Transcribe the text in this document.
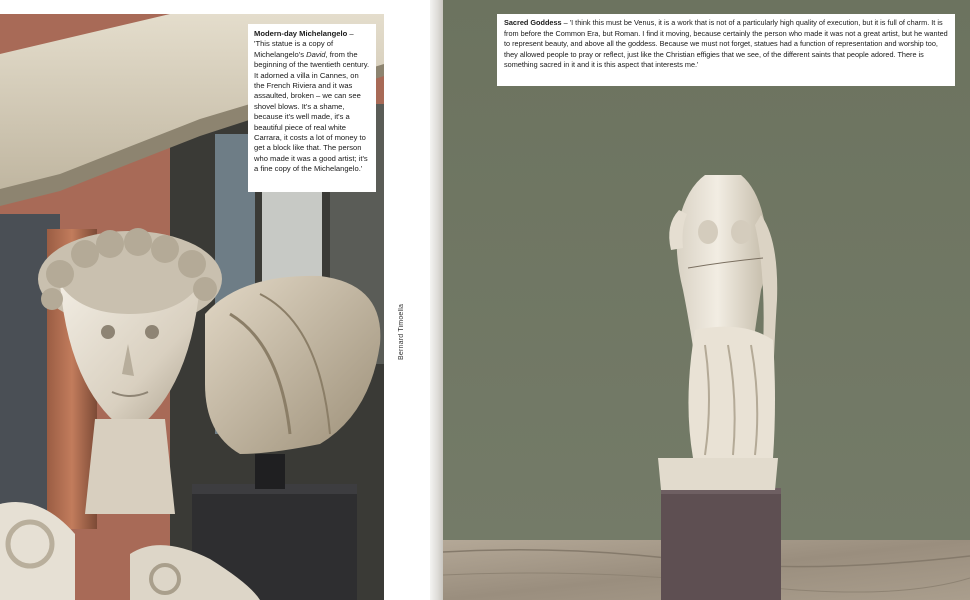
Modern-day Michelangelo – 'This statue is a copy of Michelangelo's David, from the beginning of the twentieth century. It adorned a villa in Cannes, on the French Riviera and it was assaulted, broken – we can see shovel blows. It's a shame, because it's well made, it's a beautiful piece of real white Carrara, it costs a lot of money to get a block like that. The person who made it was a good artist; it's a fine copy of the Michelangelo.'
Bernard Timoella
Sacred Goddess – 'I think this must be Venus, it is a work that is not of a particularly high quality of execution, but it is full of charm. It is from before the Common Era, but Roman. I find it moving, because certainly the person who made it was not a great artist, but he wanted to represent beauty, and above all the goddess. Because we must not forget, statues had a function of representation and worship too, they allowed people to pray or reflect, just like the Christian effigies that we see, of the different saints that people adored. There is something sacred in it and it is this aspect that interests me.'
